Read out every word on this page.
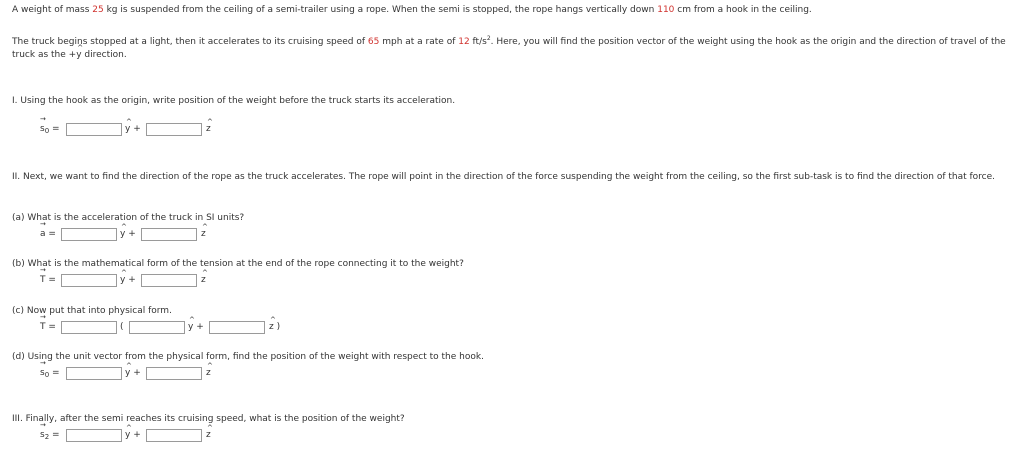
A weight of mass 25 kg is suspended from the ceiling of a semi-trailer using a rope. When the semi is stopped, the rope hangs vertically down 110 cm from a hook in the ceiling.
The truck begins stopped at a light, then it accelerates to its cruising speed of 65 mph at a rate of 12 $ft/s^2$. Here, you will find the position vector of the weight using the hook as the origin and the direction of travel of the truck as the +^ y direction.
I. Using the hook as the origin, write position of the weight before the truck starts its acceleration.
→ $s_0$ =	^ y +	^ z
II. Next, we want to find the direction of the rope as the truck accelerates. The rope will point in the direction of the force suspending the weight from the ceiling, so the first sub-task is to find the direction of that force.
(a) What is the acceleration of the truck in SI units?
→ a =	^ y +	^ z
(b) What is the mathematical form of the tension at the end of the rope connecting it to the weight?
→ T =	^ y +	^ z
(c) Now put that into physical form.
→ T =	(	^ y +	^ z )
(d) Using the unit vector from the physical form, find the position of the weight with respect to the hook.
→ $s_0$ =	^ y +	^ z
III. Finally, after the semi reaches its cruising speed, what is the position of the weight?
→ $s_2$ =	^ y +	^ z
